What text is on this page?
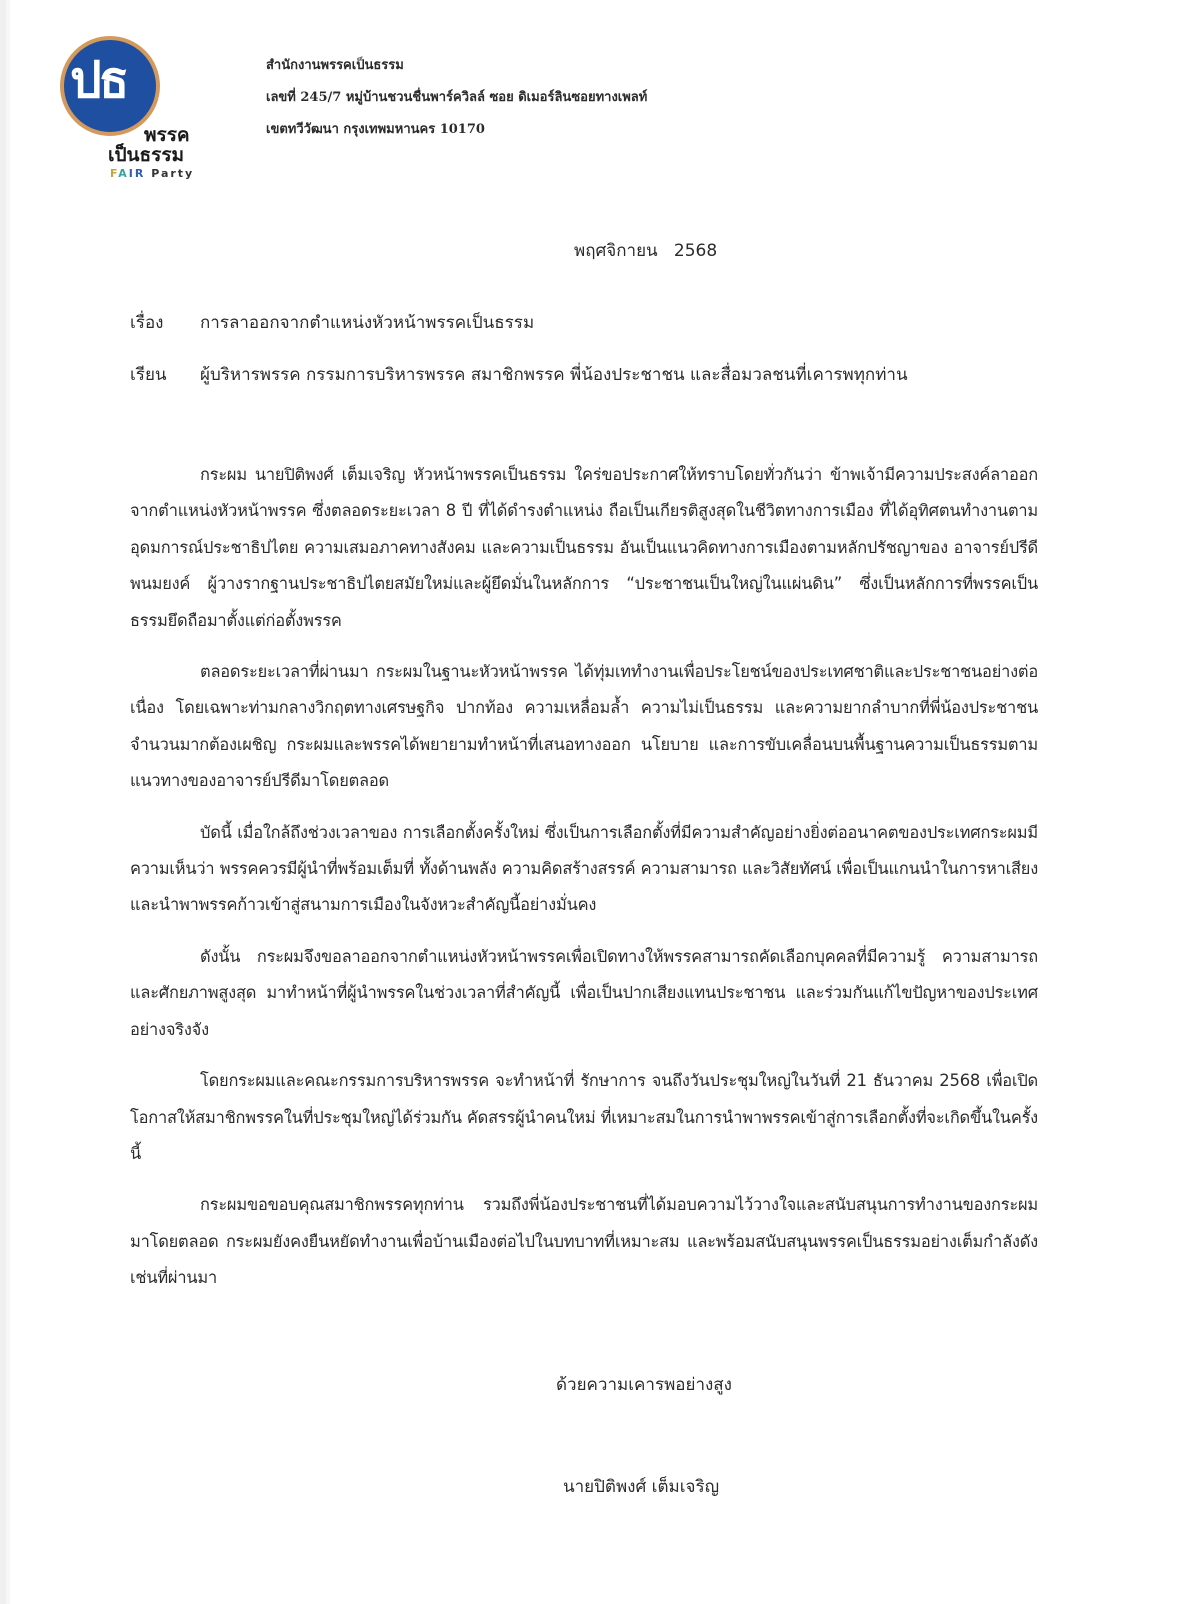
ปธ
พรรค
เป็นธรรม
FAIR Party
สำนักงานพรรคเป็นธรรม
เลขที่ 245/7 หมู่บ้านชวนชื่นพาร์ควิลล์ ซอย ดิเมอร์ลินซอยทางเพลท์
เขตทวีวัฒนา กรุงเทพมหานคร 10170
พฤศจิกายน   2568
เรื่อง การลาออกจากตำแหน่งหัวหน้าพรรคเป็นธรรม
เรียน ผู้บริหารพรรค กรรมการบริหารพรรค สมาชิกพรรค พี่น้องประชาชน และสื่อมวลชนที่เคารพทุกท่าน

กระผม นายปิติพงศ์ เต็มเจริญ หัวหน้าพรรคเป็นธรรม ใคร่ขอประกาศให้ทราบโดยทั่วกันว่า ข้าพเจ้ามีความประสงค์ลาออกจากตำแหน่งหัวหน้าพรรค ซึ่งตลอดระยะเวลา 8 ปี ที่ได้ดำรงตำแหน่ง ถือเป็นเกียรติสูงสุดในชีวิตทางการเมือง ที่ได้อุทิศตนทำงานตาม อุดมการณ์ประชาธิปไตย ความเสมอภาคทางสังคม และความเป็นธรรม อันเป็นแนวคิดทางการเมืองตามหลักปรัชญาของ อาจารย์ปรีดี พนมยงค์ ผู้วางรากฐานประชาธิปไตยสมัยใหม่และผู้ยึดมั่นในหลักการ “ประชาชนเป็นใหญ่ในแผ่นดิน” ซึ่งเป็นหลักการที่พรรคเป็นธรรมยึดถือมาตั้งแต่ก่อตั้งพรรค

ตลอดระยะเวลาที่ผ่านมา กระผมในฐานะหัวหน้าพรรค ได้ทุ่มเททำงานเพื่อประโยชน์ของประเทศชาติและประชาชนอย่างต่อเนื่อง โดยเฉพาะท่ามกลางวิกฤตทางเศรษฐกิจ ปากท้อง ความเหลื่อมล้ำ ความไม่เป็นธรรม และความยากลำบากที่พี่น้องประชาชนจำนวนมากต้องเผชิญ กระผมและพรรคได้พยายามทำหน้าที่เสนอทางออก นโยบาย และการขับเคลื่อนบนพื้นฐานความเป็นธรรมตามแนวทางของอาจารย์ปรีดีมาโดยตลอด

บัดนี้ เมื่อใกล้ถึงช่วงเวลาของ การเลือกตั้งครั้งใหม่ ซึ่งเป็นการเลือกตั้งที่มีความสำคัญอย่างยิ่งต่ออนาคตของประเทศกระผมมีความเห็นว่า พรรคควรมีผู้นำที่พร้อมเต็มที่ ทั้งด้านพลัง ความคิดสร้างสรรค์ ความสามารถ และวิสัยทัศน์ เพื่อเป็นแกนนำในการหาเสียง และนำพาพรรคก้าวเข้าสู่สนามการเมืองในจังหวะสำคัญนี้อย่างมั่นคง

ดังนั้น กระผมจึงขอลาออกจากตำแหน่งหัวหน้าพรรคเพื่อเปิดทางให้พรรคสามารถคัดเลือกบุคคลที่มีความรู้ ความสามารถ และศักยภาพสูงสุด มาทำหน้าที่ผู้นำพรรคในช่วงเวลาที่สำคัญนี้ เพื่อเป็นปากเสียงแทนประชาชน และร่วมกันแก้ไขปัญหาของประเทศอย่างจริงจัง

โดยกระผมและคณะกรรมการบริหารพรรค จะทำหน้าที่ รักษาการ จนถึงวันประชุมใหญ่ในวันที่ 21 ธันวาคม 2568 เพื่อเปิดโอกาสให้สมาชิกพรรคในที่ประชุมใหญ่ได้ร่วมกัน คัดสรรผู้นำคนใหม่ ที่เหมาะสมในการนำพาพรรคเข้าสู่การเลือกตั้งที่จะเกิดขึ้นในครั้งนี้

กระผมขอขอบคุณสมาชิกพรรคทุกท่าน รวมถึงพี่น้องประชาชนที่ได้มอบความไว้วางใจและสนับสนุนการทำงานของกระผมมาโดยตลอด กระผมยังคงยืนหยัดทำงานเพื่อบ้านเมืองต่อไปในบทบาทที่เหมาะสม และพร้อมสนับสนุนพรรคเป็นธรรมอย่างเต็มกำลังดังเช่นที่ผ่านมา

ด้วยความเคารพอย่างสูง
นายปิติพงศ์ เต็มเจริญ
